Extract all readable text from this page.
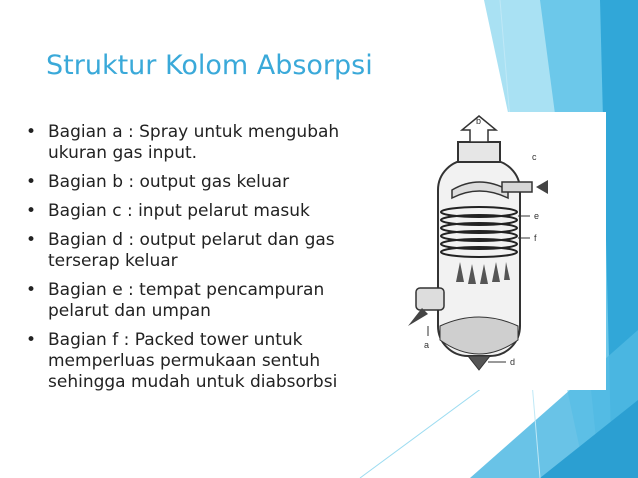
Struktur Kolom Absorpsi
• Bagian a : Spray untuk mengubah ukuran gas input.
• Bagian b : output gas keluar
• Bagian c : input pelarut masuk
• Bagian d : output pelarut dan gas terserap keluar
• Bagian e : tempat pencampuran pelarut dan umpan
• Bagian f : Packed tower untuk memperluas permukaan sentuh sehingga mudah untuk diabsorbsi
b
c
e
f
a
d
